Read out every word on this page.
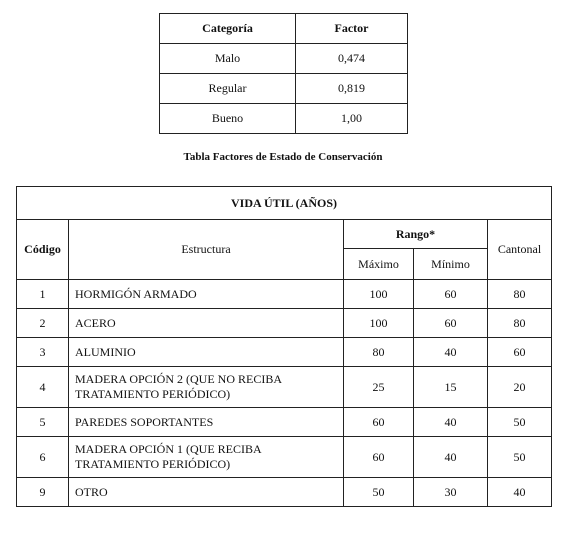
Categoría	Factor
Malo	0,474
Regular	0,819
Bueno	1,00
Tabla Factores de Estado de Conservación
VIDA ÚTIL (AÑOS)				
Código	Estructura	Rango*		Cantonal
		Máximo	Mínimo	
1	HORMIGÓN ARMADO	100	60	80
2	ACERO	100	60	80
3	ALUMINIO	80	40	60
4	MADERA OPCIÓN 2 (QUE NO RECIBA TRATAMIENTO PERIÓDICO)	25	15	20
5	PAREDES SOPORTANTES	60	40	50
6	MADERA OPCIÓN 1 (QUE RECIBA TRATAMIENTO PERIÓDICO)	60	40	50
9	OTRO	50	30	40
